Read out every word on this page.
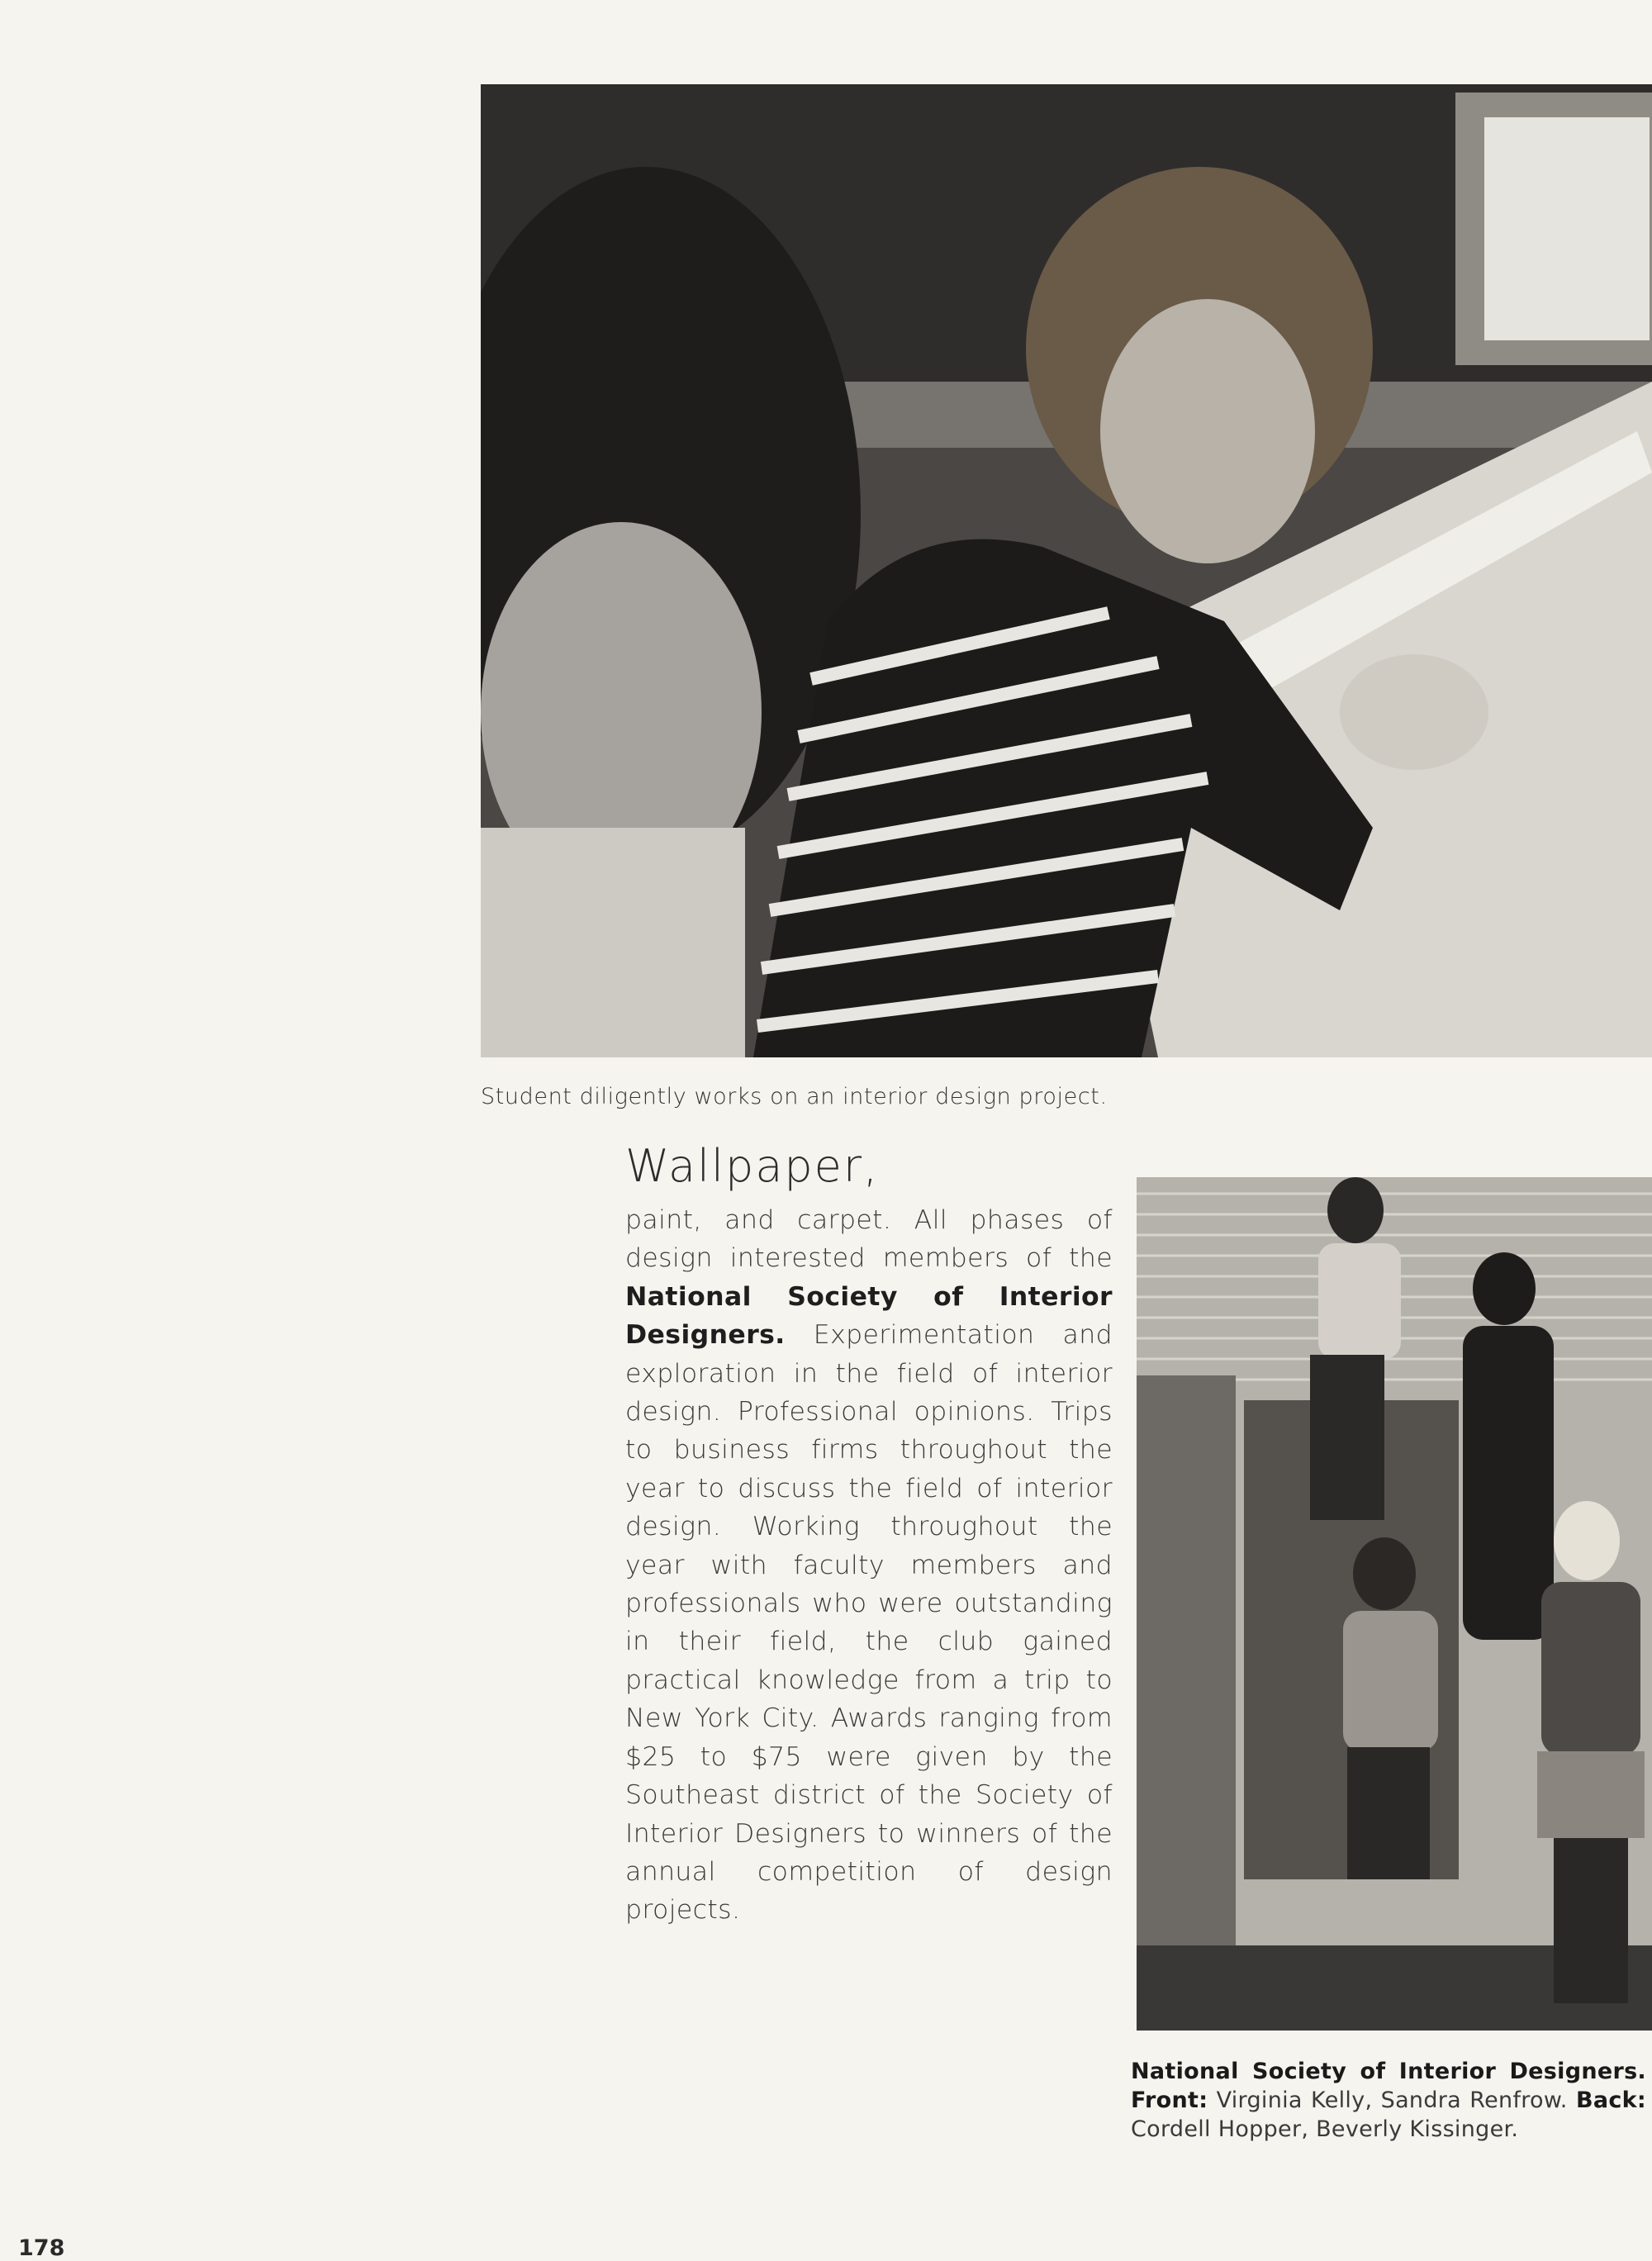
Student diligently works on an interior design project.
Wallpaper,
paint, and carpet. All phases of design interested members of the National Society of Interior Designers. Experimentation and exploration in the field of interior design. Professional opinions. Trips to business firms throughout the year to discuss the field of interior design. Working throughout the year with faculty members and professionals who were outstanding in their field, the club gained practical knowledge from a trip to New York City. Awards ranging from $25 to $75 were given by the Southeast district of the Society of Interior Designers to winners of the annual competition of design projects.
National Society of Interior Designers. Front: Virginia Kelly, Sandra Renfrow. Back: Cordell Hopper, Beverly Kissinger.
178
